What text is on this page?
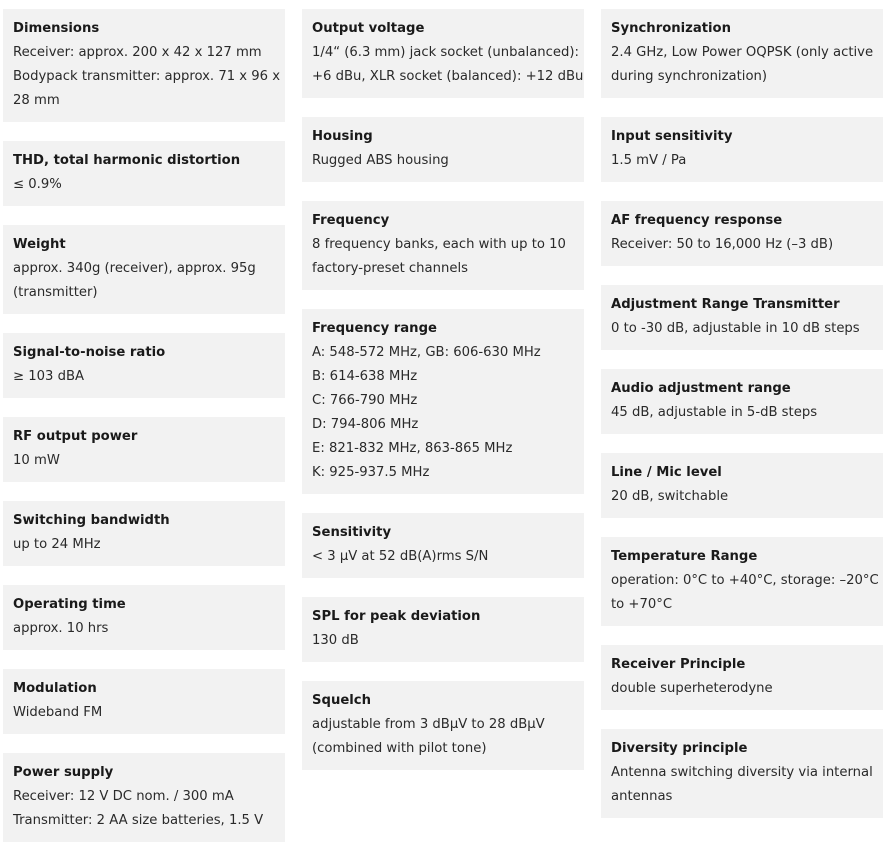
Dimensions
Receiver: approx. 200 x 42 x 127 mm
Bodypack transmitter: approx. 71 x 96 x
28 mm
THD, total harmonic distortion
≤ 0.9%
Weight
approx. 340g (receiver), approx. 95g
(transmitter)
Signal-to-noise ratio
≥ 103 dBA
RF output power
10 mW
Switching bandwidth
up to 24 MHz
Operating time
approx. 10 hrs
Modulation
Wideband FM
Power supply
Receiver: 12 V DC nom. / 300 mA
Transmitter: 2 AA size batteries, 1.5 V
Output voltage
1/4“ (6.3 mm) jack socket (unbalanced):
+6 dBu, XLR socket (balanced): +12 dBu
Housing
Rugged ABS housing
Frequency
8 frequency banks, each with up to 10
factory-preset channels
Frequency range
A: 548-572 MHz, GB: 606-630 MHz
B: 614-638 MHz
C: 766-790 MHz
D: 794-806 MHz
E: 821-832 MHz, 863-865 MHz
K: 925-937.5 MHz
Sensitivity
< 3 μV at 52 dB(A)rms S/N
SPL for peak deviation
130 dB
Squelch
adjustable from 3 dBμV to 28 dBμV
(combined with pilot tone)
Synchronization
2.4 GHz, Low Power OQPSK (only active
during synchronization)
Input sensitivity
1.5 mV / Pa
AF frequency response
Receiver: 50 to 16,000 Hz (–3 dB)
Adjustment Range Transmitter
0 to -30 dB, adjustable in 10 dB steps
Audio adjustment range
45 dB, adjustable in 5-dB steps
Line / Mic level
20 dB, switchable
Temperature Range
operation: 0°C to +40°C, storage: –20°C
to +70°C
Receiver Principle
double superheterodyne
Diversity principle
Antenna switching diversity via internal
antennas
